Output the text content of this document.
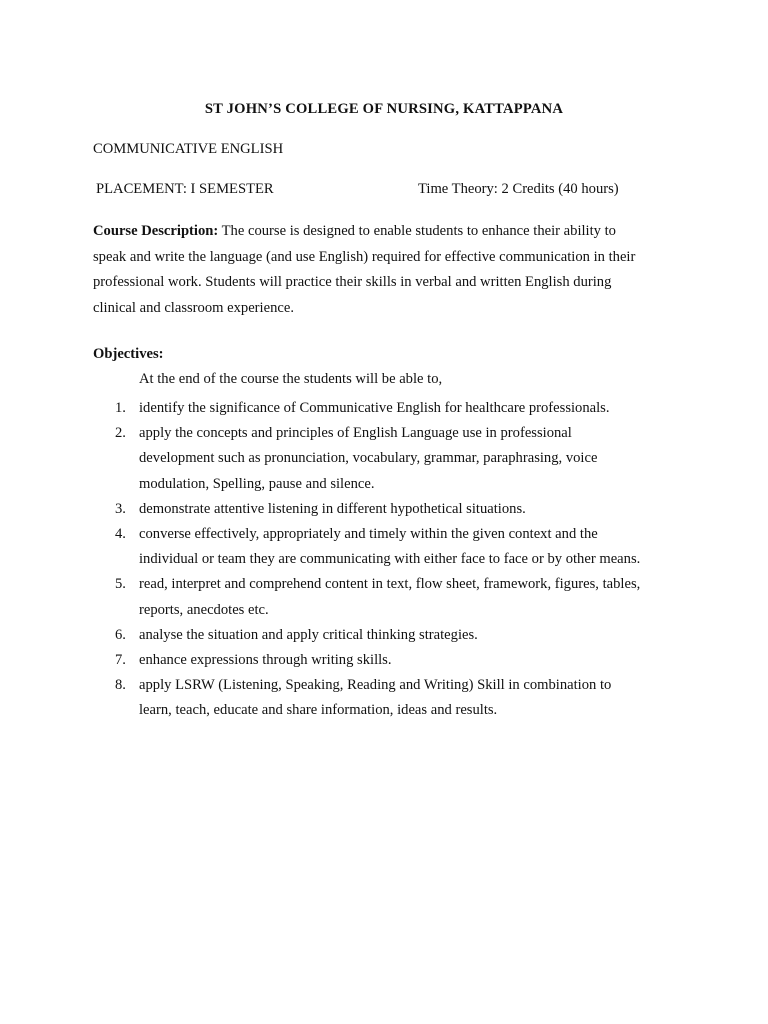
ST JOHN’S COLLEGE OF NURSING, KATTAPPANA
COMMUNICATIVE ENGLISH
PLACEMENT: I SEMESTER	Time Theory: 2 Credits (40 hours)
Course Description: The course is designed to enable students to enhance their ability to
speak and write the language (and use English) required for effective communication in their
professional work. Students will practice their skills in verbal and written English during
clinical and classroom experience.
Objectives:
At the end of the course the students will be able to,
1. identify the significance of Communicative English for healthcare professionals.
2. apply the concepts and principles of English Language use in professional
development such as pronunciation, vocabulary, grammar, paraphrasing, voice
modulation, Spelling, pause and silence.
3. demonstrate attentive listening in different hypothetical situations.
4. converse effectively, appropriately and timely within the given context and the
individual or team they are communicating with either face to face or by other means.
5. read, interpret and comprehend content in text, flow sheet, framework, figures, tables,
reports, anecdotes etc.
6. analyse the situation and apply critical thinking strategies.
7. enhance expressions through writing skills.
8. apply LSRW (Listening, Speaking, Reading and Writing) Skill in combination to
learn, teach, educate and share information, ideas and results.
